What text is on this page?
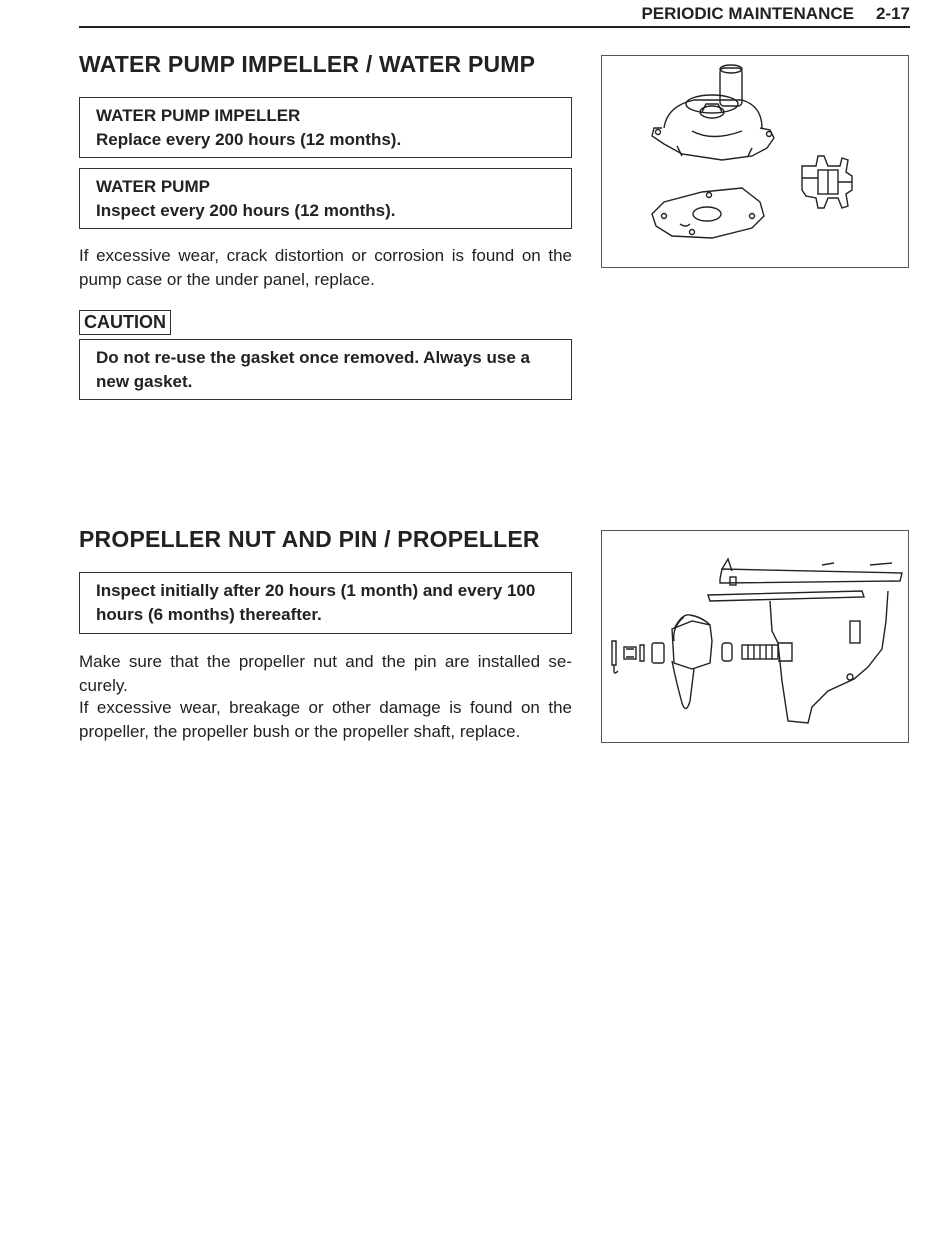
PERIODIC MAINTENANCE 2-17
WATER PUMP IMPELLER / WATER PUMP
WATER PUMP IMPELLER
Replace every 200 hours (12 months).
WATER PUMP
Inspect every 200 hours (12 months).

If excessive wear, crack distortion or corrosion is found on the pump case or the under panel, replace.

CAUTION
Do not re-use the gasket once removed. Always use a new gasket.
PROPELLER NUT AND PIN / PROPELLER
Inspect initially after 20 hours (1 month) and every 100 hours (6 months) thereafter.

Make sure that the propeller nut and the pin are installed se-curely.

If excessive wear, breakage or other damage is found on the propeller, the propeller bush or the propeller shaft, replace.
